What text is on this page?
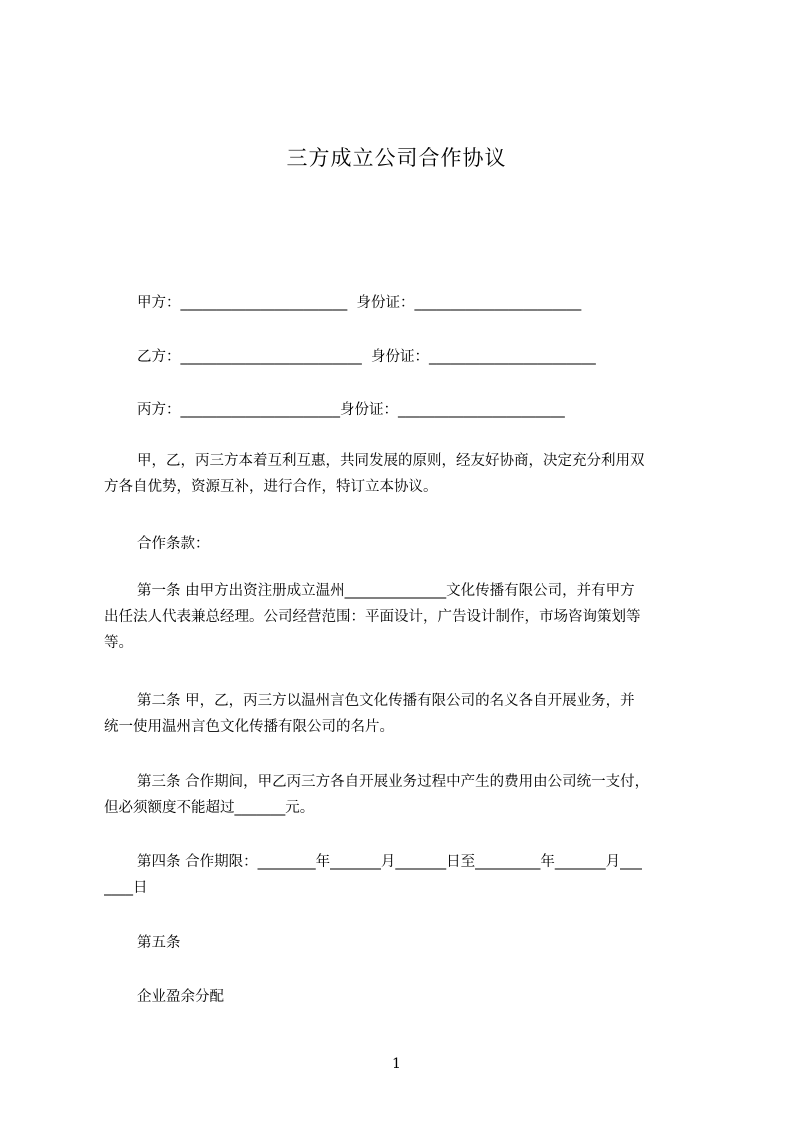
三方成立公司合作协议
甲方：_______________________  身份证：_______________________
乙方：_________________________  身份证：_______________________
丙方：______________________身份证：_______________________
甲，乙，丙三方本着互利互惠，共同发展的原则，经友好协商，决定充分利用双
方各自优势，资源互补，进行合作，特订立本协议。
合作条款：
第一条 由甲方出资注册成立温州______________文化传播有限公司，并有甲方
出任法人代表兼总经理。公司经营范围：平面设计，广告设计制作，市场咨询策划等
等。
第二条 甲，乙，丙三方以温州言色文化传播有限公司的名义各自开展业务，并
统一使用温州言色文化传播有限公司的名片。
第三条 合作期间，甲乙丙三方各自开展业务过程中产生的费用由公司统一支付，
但必须额度不能超过_______元。
第四条 合作期限：________年_______月_______日至_________年_______月___
____日
第五条
企业盈余分配
1
